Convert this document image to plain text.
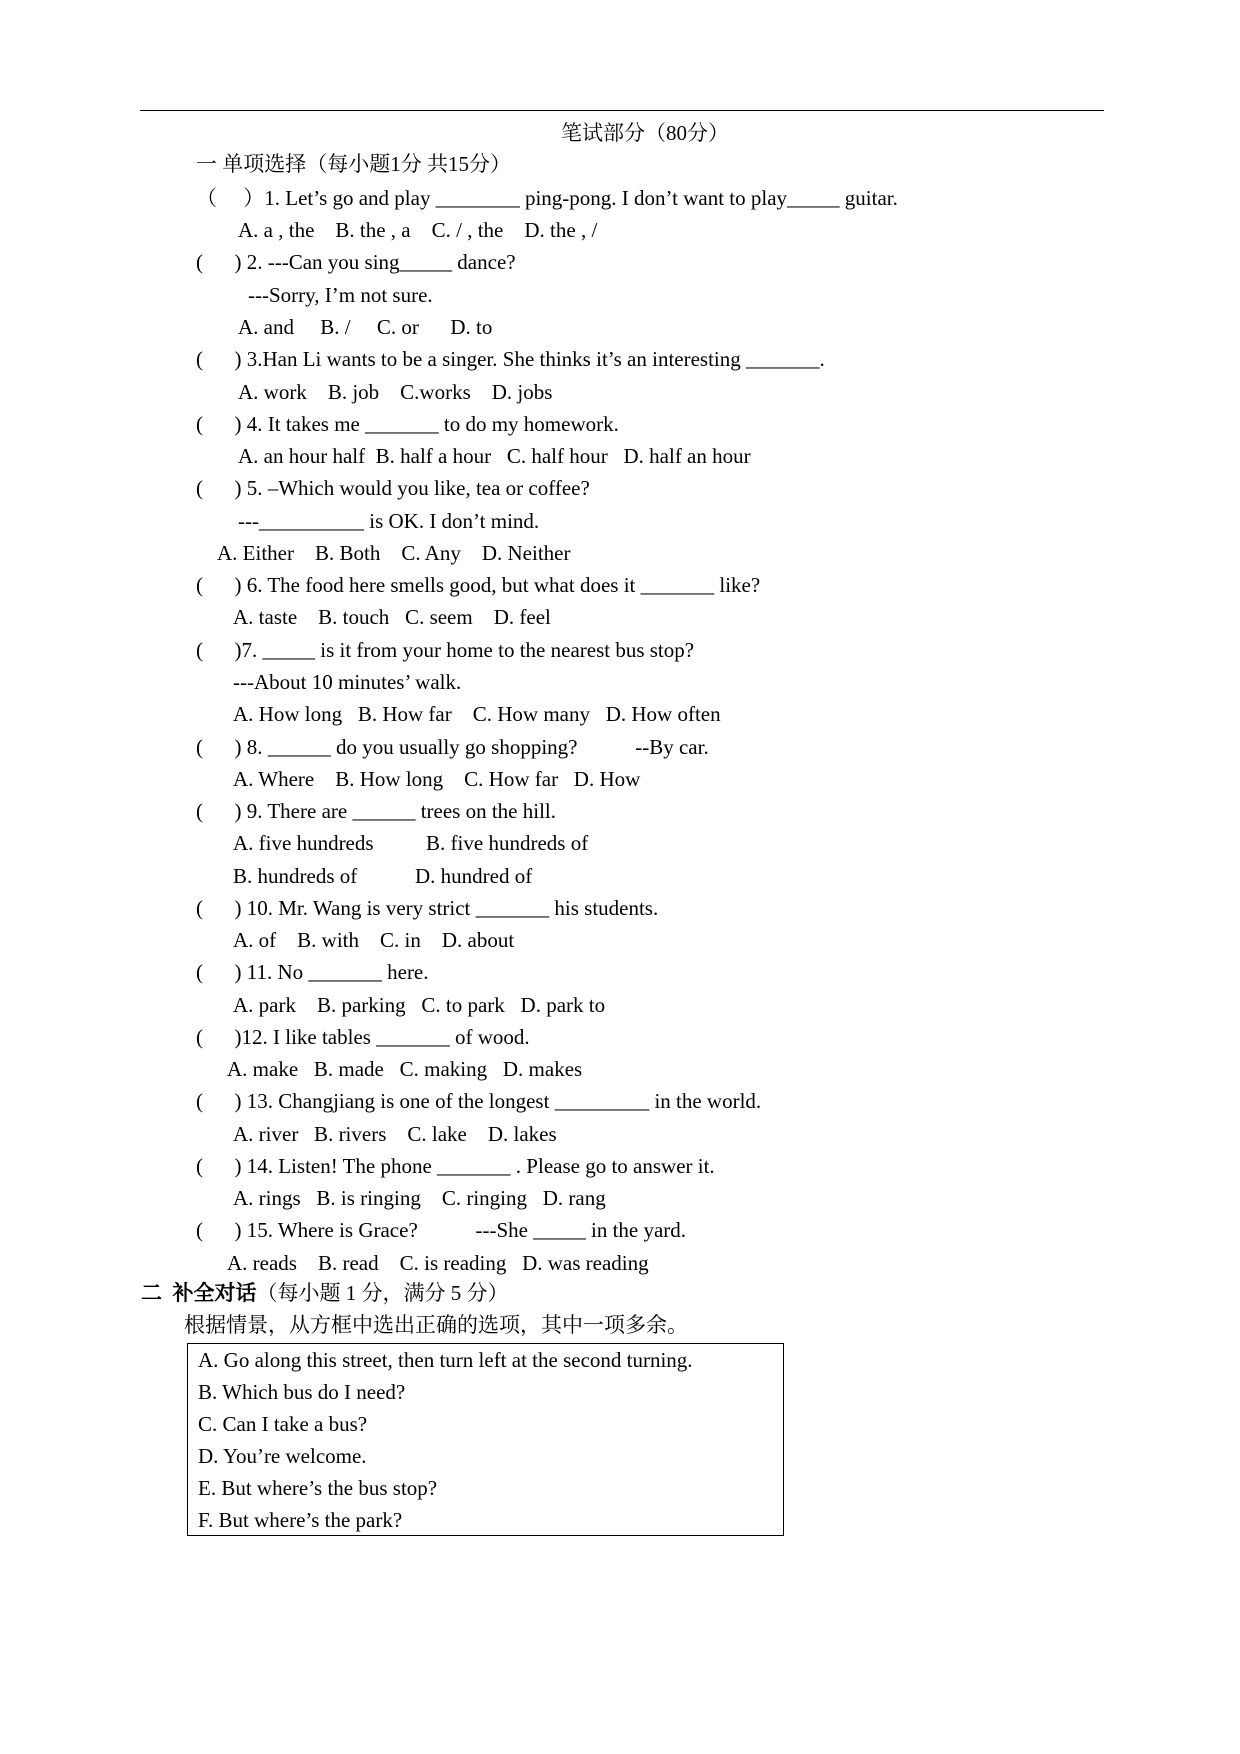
笔试部分（80分）
一 单项选择（每小题1分 共15分）
（     ）1. Let’s go and play ________ ping-pong. I don’t want to play_____ guitar.
A. a , the    B. the , a    C. / , the    D. the , /
(      ) 2. ---Can you sing_____ dance?
---Sorry, I’m not sure.
A. and     B. /     C. or      D. to
(      ) 3.Han Li wants to be a singer. She thinks it’s an interesting _______.
A. work    B. job    C.works    D. jobs
(      ) 4. It takes me _______ to do my homework.
A. an hour half  B. half a hour   C. half hour   D. half an hour
(      ) 5. –Which would you like, tea or coffee?
---__________ is OK. I don’t mind.
A. Either    B. Both    C. Any    D. Neither
(      ) 6. The food here smells good, but what does it _______ like?
A. taste    B. touch   C. seem    D. feel
(      )7. _____ is it from your home to the nearest bus stop?
---About 10 minutes’ walk.
A. How long   B. How far    C. How many   D. How often
(      ) 8. ______ do you usually go shopping?           --By car.
A. Where    B. How long    C. How far   D. How
(      ) 9. There are ______ trees on the hill.
A. five hundreds          B. five hundreds of
B. hundreds of           D. hundred of
(      ) 10. Mr. Wang is very strict _______ his students.
A. of    B. with    C. in    D. about
(      ) 11. No _______ here.
A. park    B. parking   C. to park   D. park to
(      )12. I like tables _______ of wood.
A. make   B. made   C. making   D. makes
(      ) 13. Changjiang is one of the longest _________ in the world.
A. river   B. rivers    C. lake    D. lakes
(      ) 14. Listen! The phone _______ . Please go to answer it.
A. rings   B. is ringing    C. ringing   D. rang
(      ) 15. Where is Grace?           ---She _____ in the yard.
A. reads    B. read    C. is reading   D. was reading
二 补全对话（每小题 1 分，满分 5 分）
根据情景，从方框中选出正确的选项，其中一项多余。
A. Go along this street, then turn left at the second turning.
B. Which bus do I need?
C. Can I take a bus?
D. You’re welcome.
E. But where’s the bus stop?
F. But where’s the park?
